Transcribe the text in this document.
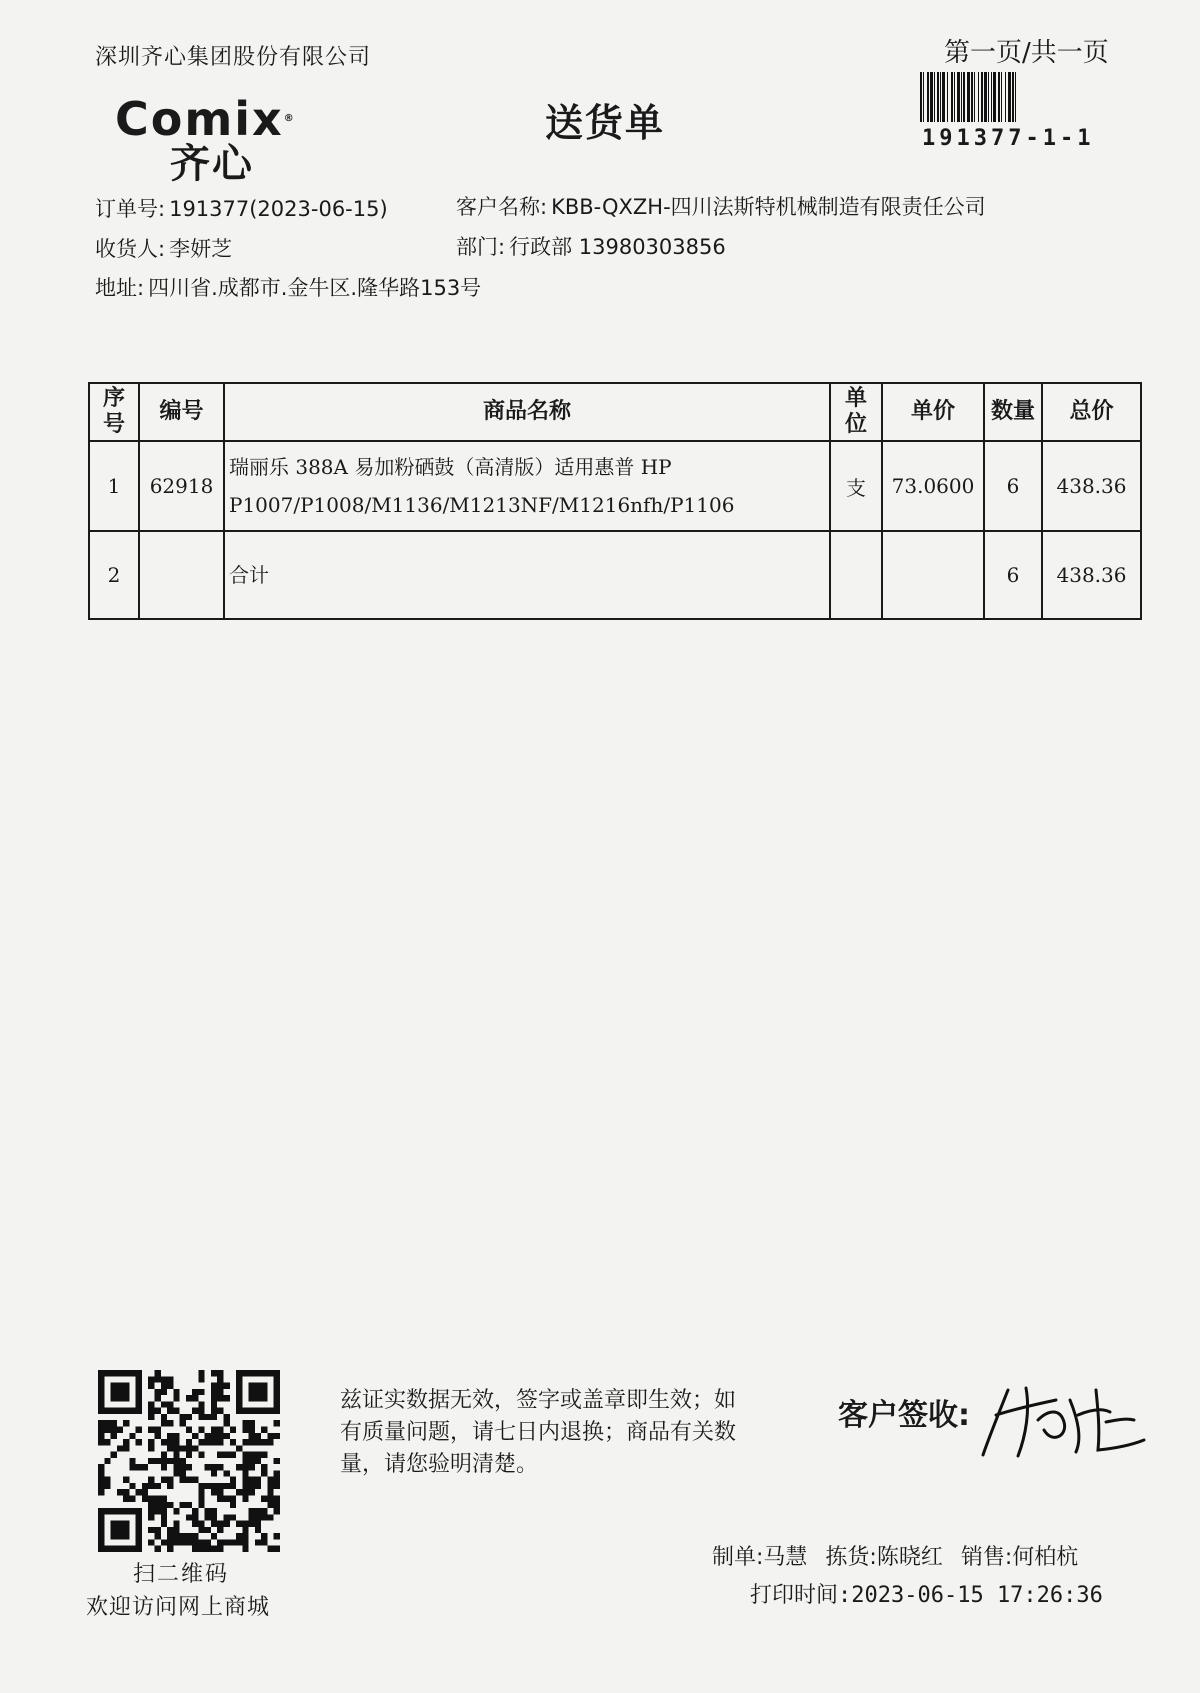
深圳齐心集团股份有限公司
Comix®
齐心
送货单
第一页/共一页
191377-1-1
订单号: 191377(2023-06-15)	客户名称: KBB-QXZH-四川法斯特机械制造有限责任公司
收货人: 李妍芝	部门: 行政部 13980303856
地址: 四川省.成都市.金牛区.隆华路153号
序号	编号	商品名称	单位	单价	数量	总价
1	62918	瑞丽乐 388A 易加粉硒鼓（高清版）适用惠普 HP
P1007/P1008/M1136/M1213NF/M1216nfh/P1106	支	73.0600	6	438.36
2		合计			6	438.36
扫二维码
欢迎访问网上商城
兹证实数据无效，签字或盖章即生效；如有质量问题，请七日内退换；商品有关数量，请您验明清楚。
客户签收:
制单:马慧 拣货:陈晓红 销售:何柏杭
打印时间:2023-06-15 17:26:36
